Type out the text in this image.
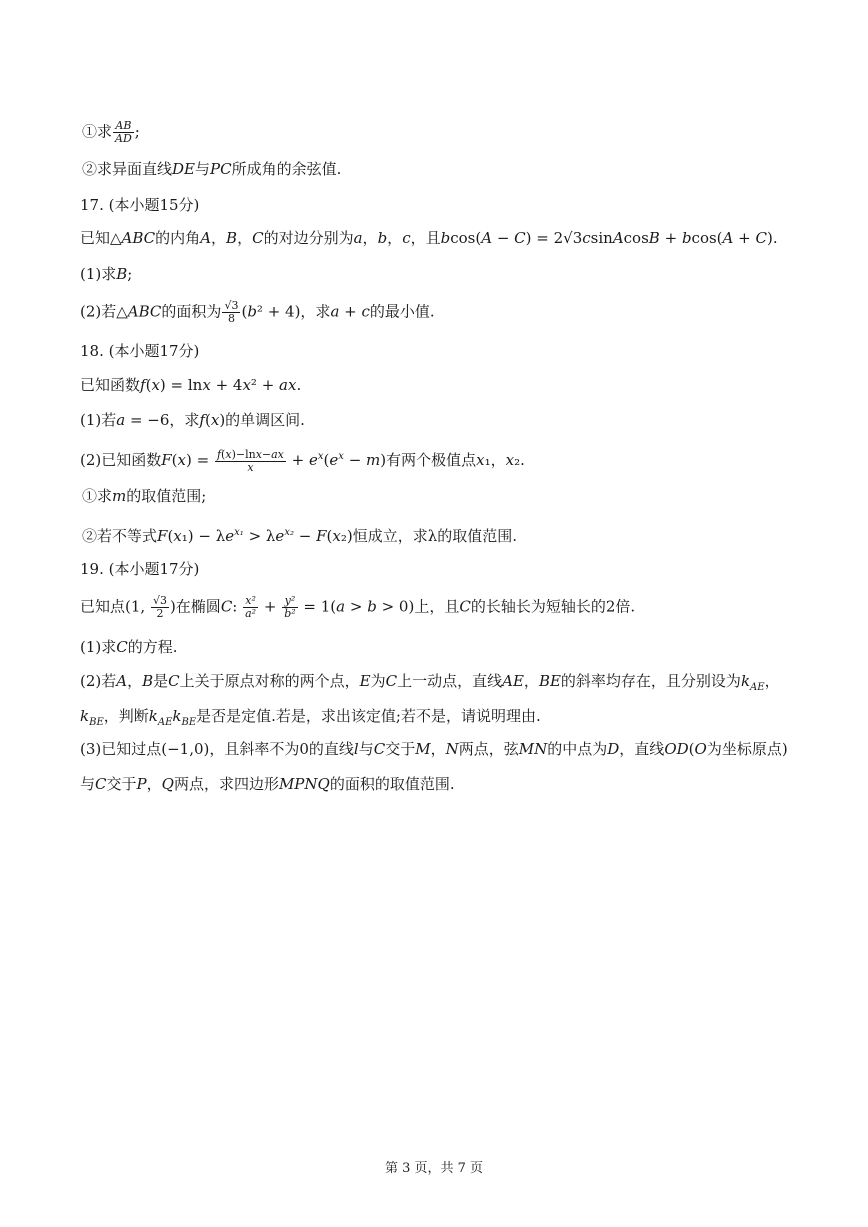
①求 $\frac{AB}{AD}$ ;
②求异面直线DE与PC所成角的余弦值.
17. (本小题15分)
已知△ABC的内角A，B，C的对边分别为a，b，c，且bcos(A − C) = 2√3csinAcosB + bcos(A + C).
(1)求B;
(2)若△ABC的面积为 $\frac{√3}{8} (b^2 + 4)$，求a + c的最小值.
18. (本小题17分)
已知函数f(x) = lnx + 4x² + ax.
(1)若a = −6，求f(x)的单调区间.
(2)已知函数$F(x) = \frac{f(x)-\ln x-ax}{x} + e^x(e^x - m)$有两个极值点x₁，x₂.
①求m的取值范围;
②若不等式$F(x_1) - \lambda e^{x_1} > \lambda e^{x_2} - F(x_2)$恒成立，求λ的取值范围.
19. (本小题17分)
已知点(1, $\frac{√3}{2}$ )在椭圆C: $\frac{\text{x²}}{\text{a²}} + \frac{\text{y²}}{\text{b²}} = 1(a > b > 0)$上，且C的长轴长为短轴长的2倍.
(1)求C的方程.
(2)若A，B是C上关于原点对称的两个点，E为C上一动点，直线AE，BE的斜率均存在，且分别设为$k_{AE}$，
$k_{BE}$，判断$k_{AE}k_{BE}$是否是定值.若是，求出该定值;若不是，请说明理由.
(3)已知过点(−1,0)，且斜率不为0的直线l与C交于M，N两点，弦MN的中点为D，直线OD(O为坐标原点)
与C交于P，Q两点，求四边形MPNQ的面积的取值范围.
第 3 页，共 7 页
